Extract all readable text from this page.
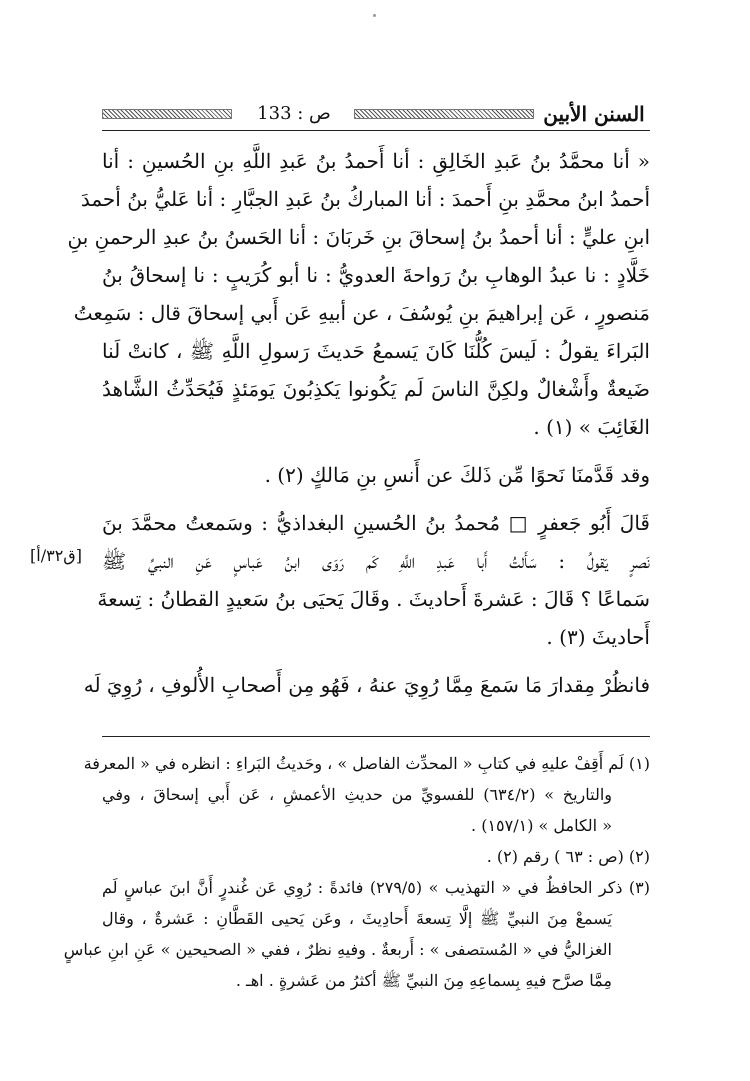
ص : 133	السنن الأبين
[ق٣٢/أ]
« أنا محمَّدُ بنُ عَبدِ الخَالِقِ : أنا أَحمدُ بنُ عَبدِ اللَّهِ بنِ الحُسينِ : أنا
أحمدُ ابنُ محمَّدِ بنِ أَحمدَ : أنا المباركُ بنُ عَبدِ الجبَّارِ : أنا عَليُّ بنُ أحمدَ
ابنِ عليٍّ : أنا أحمدُ بنُ إسحاقَ بنِ خَربَانَ : أنا الحَسنُ بنُ عبدِ الرحمنِ بنِ
خَلَّادٍ : نا عبدُ الوهابِ بنُ رَواحةَ العدويُّ : نا أبو كُرَيبٍ : نا إسحاقُ بنُ
مَنصورٍ ، عَن إبراهيمَ بنِ يُوسُفَ ، عن أبيهِ عَن أَبي إسحاقَ قال : سَمِعتُ
البَراءَ يقولُ : لَيسَ كُلُّنَا كَانَ يَسمعُ حَديثَ رَسولِ اللَّهِ ﷺ ، كانتْ لَنا
ضَيعةٌ وأَشْغالٌ ولكِنَّ الناسَ لَم يَكُونوا يَكذِبُونَ يَومَئذٍ فَيُحَدِّثُ الشَّاهدُ
الغَائِبَ » (١) .
وقد قَدَّمنَا نَحوًا مِّن ذَلكَ عن أَنسِ بنِ مَالكٍ (٢) .
قَالَ أَبُو جَعفرٍ □ مُحمدُ بنُ الحُسينِ البغداذيُّ : وسَمعتُ محمَّدَ بنَ
نَصرٍ يَقولُ : سَأَلتُ أَبا عَبدِ اللَّهِ كَم رَوَى ابنُ عَباسٍ عَنِ النبيِّ ﷺ
سَماعًا ؟ قَالَ : عَشرةَ أَحاديثَ . وقَالَ يَحيَى بنُ سَعيدٍ القطانُ : تِسعةَ
أَحاديثَ (٣) .
فانظُرْ مِقدارَ مَا سَمعَ مِمَّا رُوِيَ عنهُ ، فَهُو مِن أَصحابِ الأُلوفِ ، رُوِيَ لَه
(١) لَم أَقِفْ عليهِ في كتابِ « المحدِّث الفاصل » ، وحَديثُ البَراءِ : انظره في « المعرفة
والتاريخ » (٦٣٤/٢) للفسويِّ من حديثِ الأعمشِ ، عَن أَبي إسحاقَ ، وفي
« الكامل » (١٥٧/١) .
(٢) (ص : ٦٣ ) رقم (٢) .
(٣) ذكر الحافظُ في « التهذيب » (٢٧٩/٥) فائدةً : رُوِي عَن غُندرٍ أَنَّ ابنَ عباسٍ لَم
يَسمعْ مِنَ النبيِّ ﷺ إلَّا تِسعةَ أَحادِيثَ ، وعَن يَحيى القَطَّانِ : عَشرةٌ ، وقال
الغزاليُّ في « المُستصفى » : أَربعةٌ . وفيهِ نظرٌ ، ففي « الصحيحين » عَنِ ابنِ عباسٍ
مِمَّا صرَّح فيهِ بِسماعِهِ مِنَ النبيِّ ﷺ أكثرُ من عَشرةٍ . اهـ .
